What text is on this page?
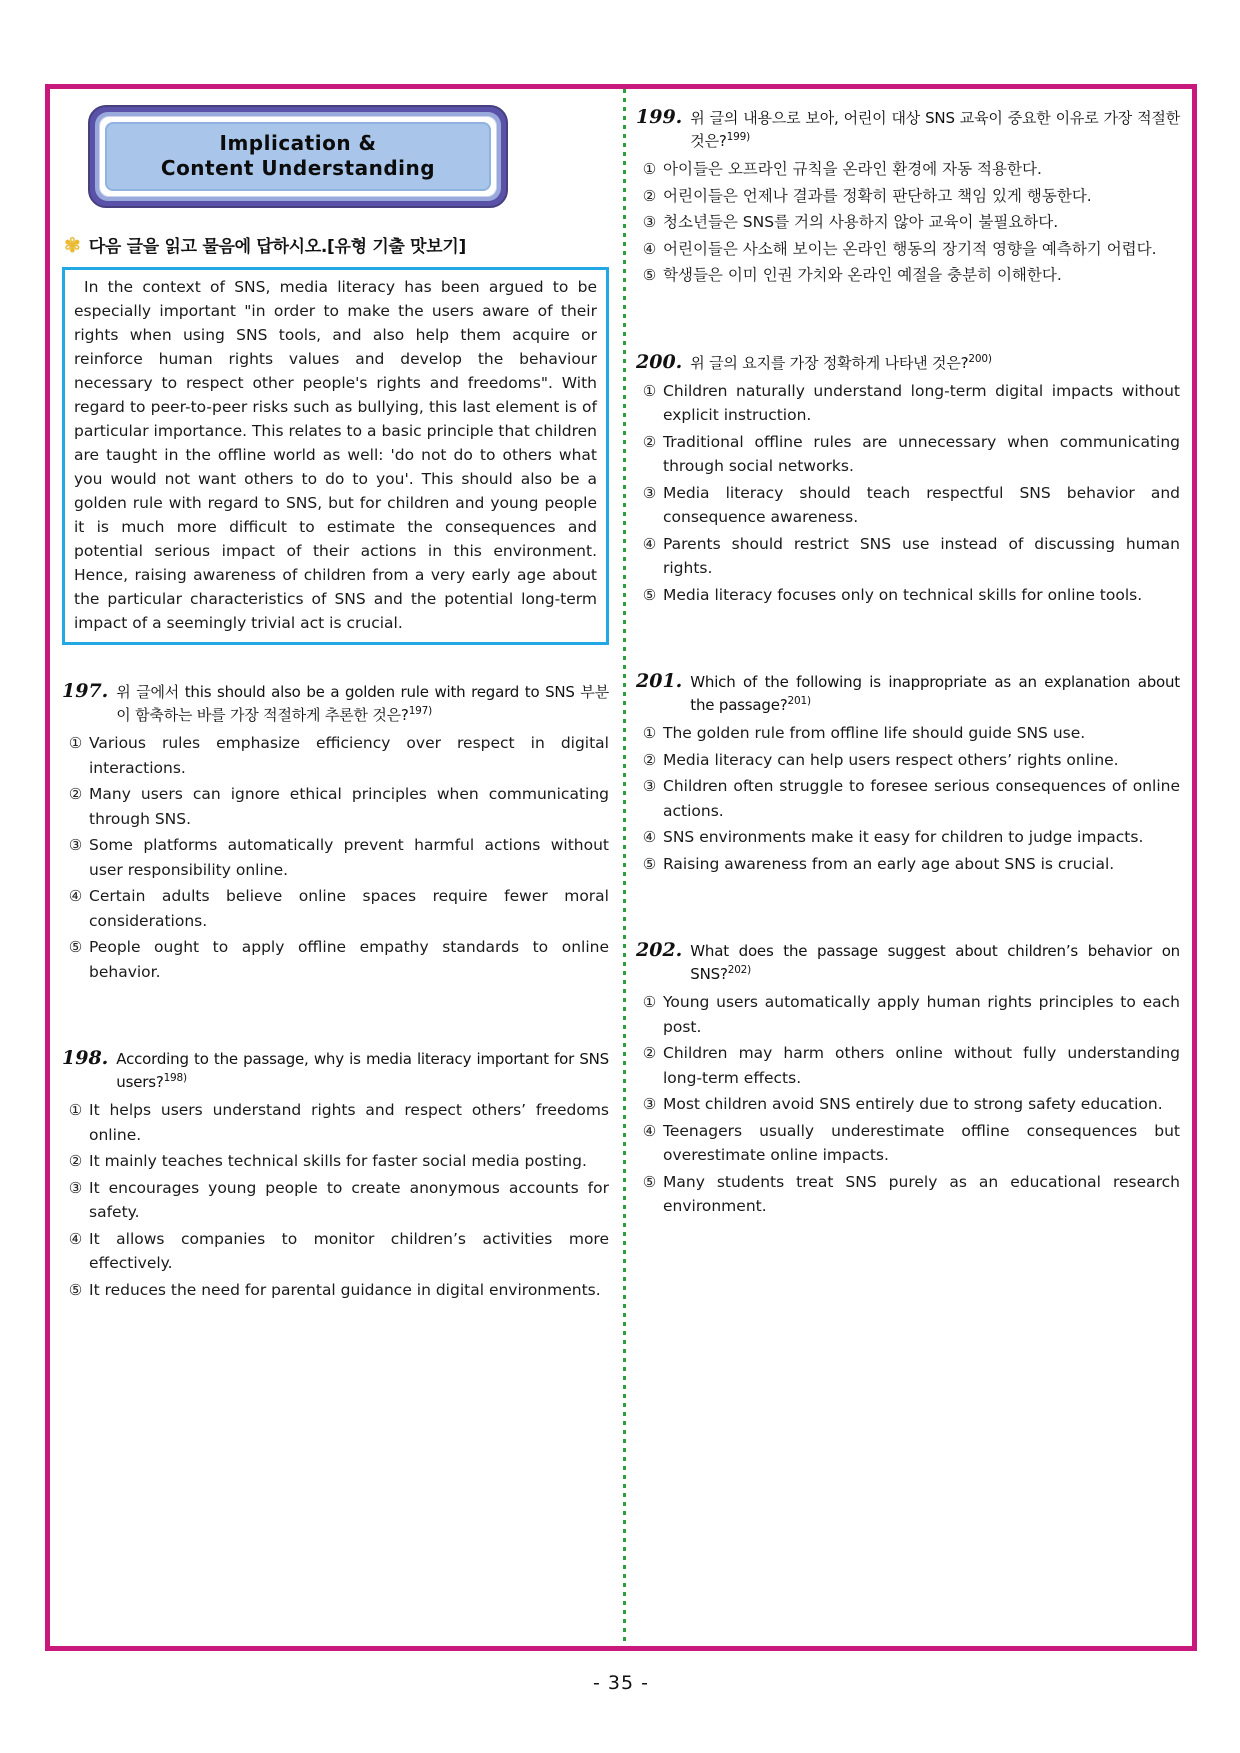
Implication &
Content Understanding
✾ 다음 글을 읽고 물음에 답하시오.[유형 기출 맛보기]
In the context of SNS, media literacy has been argued to be especially important "in order to make the users aware of their rights when using SNS tools, and also help them acquire or reinforce human rights values and develop the behaviour necessary to respect other people's rights and freedoms". With regard to peer-to-peer risks such as bullying, this last element is of particular importance. This relates to a basic principle that children are taught in the offline world as well: 'do not do to others what you would not want others to do to you'. This should also be a golden rule with regard to SNS, but for children and young people it is much more difficult to estimate the consequences and potential serious impact of their actions in this environment. Hence, raising awareness of children from a very early age about the particular characteristics of SNS and the potential long-term impact of a seemingly trivial act is crucial.
197. 위 글에서 this should also be a golden rule with regard to SNS 부분이 함축하는 바를 가장 적절하게 추론한 것은?$^{197)}$
① Various rules emphasize efficiency over respect in digital interactions.
② Many users can ignore ethical principles when communicating through SNS.
③ Some platforms automatically prevent harmful actions without user responsibility online.
④ Certain adults believe online spaces require fewer moral considerations.
⑤ People ought to apply offline empathy standards to online behavior.
198. According to the passage, why is media literacy important for SNS users?$^{198)}$
① It helps users understand rights and respect others’ freedoms online.
② It mainly teaches technical skills for faster social media posting.
③ It encourages young people to create anonymous accounts for safety.
④ It allows companies to monitor children’s activities more effectively.
⑤ It reduces the need for parental guidance in digital environments.
199. 위 글의 내용으로 보아, 어린이 대상 SNS 교육이 중요한 이유로 가장 적절한 것은?$^{199)}$
① 아이들은 오프라인 규칙을 온라인 환경에 자동 적용한다.
② 어린이들은 언제나 결과를 정확히 판단하고 책임 있게 행동한다.
③ 청소년들은 SNS를 거의 사용하지 않아 교육이 불필요하다.
④ 어린이들은 사소해 보이는 온라인 행동의 장기적 영향을 예측하기 어렵다.
⑤ 학생들은 이미 인권 가치와 온라인 예절을 충분히 이해한다.
200. 위 글의 요지를 가장 정확하게 나타낸 것은?$^{200)}$
① Children naturally understand long-term digital impacts without explicit instruction.
② Traditional offline rules are unnecessary when communicating through social networks.
③ Media literacy should teach respectful SNS behavior and consequence awareness.
④ Parents should restrict SNS use instead of discussing human rights.
⑤ Media literacy focuses only on technical skills for online tools.
201. Which of the following is inappropriate as an explanation about the passage?$^{201)}$
① The golden rule from offline life should guide SNS use.
② Media literacy can help users respect others’ rights online.
③ Children often struggle to foresee serious consequences of online actions.
④ SNS environments make it easy for children to judge impacts.
⑤ Raising awareness from an early age about SNS is crucial.
202. What does the passage suggest about children’s behavior on SNS?$^{202)}$
① Young users automatically apply human rights principles to each post.
② Children may harm others online without fully understanding long-term effects.
③ Most children avoid SNS entirely due to strong safety education.
④ Teenagers usually underestimate offline consequences but overestimate online impacts.
⑤ Many students treat SNS purely as an educational research environment.
- 35 -
